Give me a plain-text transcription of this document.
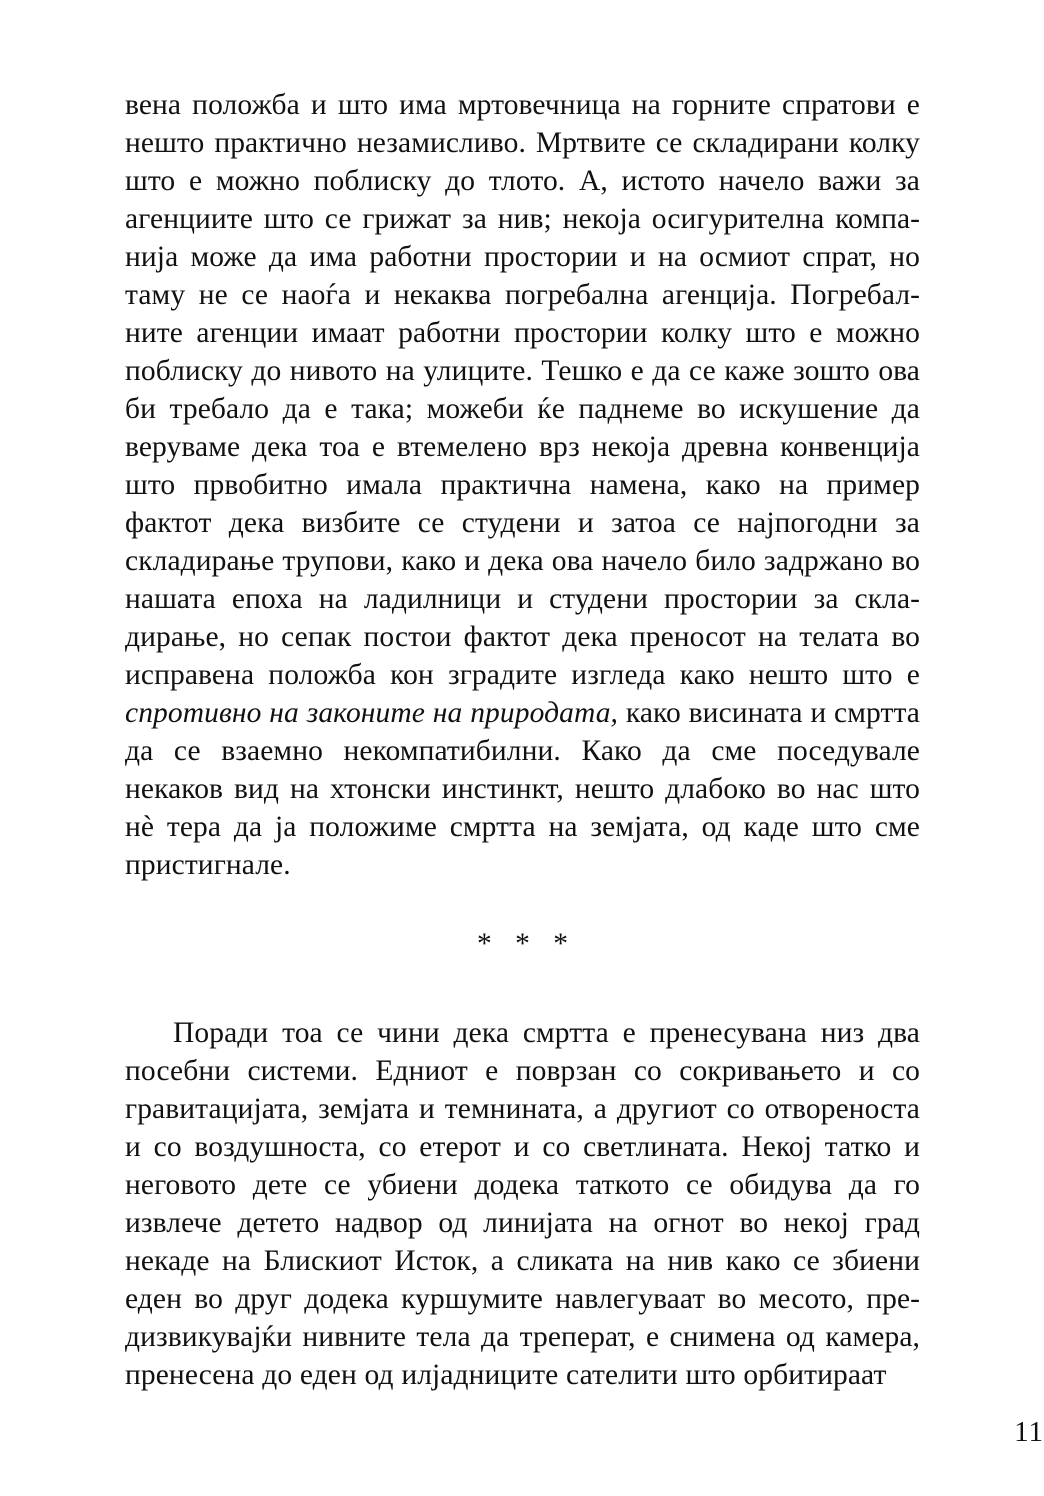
вена положба и што има мртовечница на горните спратови е нешто практично незамисливо. Мртвите се складирани колку што е можно поблиску до тлото. А, истото начело важи за агенциите што се грижат за нив; некоја осигурителна компанија може да има работни простории и на осмиот спрат, но таму не се наоѓа и некаква погребална агенција. Погребалните агенции имаат работни простории колку што е можно поблиску до нивото на улиците. Тешко е да се каже зошто ова би требало да е така; можеби ќе паднеме во искушение да веруваме дека тоа е втемелено врз некоја древна конвенција што првобитно имала практична намена, како на пример фактот дека визбите се студени и затоа се најпогодни за складирање трупови, како и дека ова начело било задржано во нашата епоха на ладилници и студени простории за складирање, но сепак постои фактот дека преносот на телата во исправена положба кон зградите изгледа како нешто што е спротивно на законите на природата, како висината и смртта да се взаемно некомпатибилни. Како да сме поседувале некаков вид на хтонски инстинкт, нешто длабоко во нас што нѐ тера да ја положиме смртта на земјата, од каде што сме пристигнале.

* * *

Поради тоа се чини дека смртта е пренесувана низ два посебни системи. Едниот е поврзан со сокривањето и со гравитацијата, земјата и темнината, а другиот со отвореноста и со воздушноста, со етерот и со светлината. Некој татко и неговото дете се убиени додека таткото се обидува да го извлече детето надвор од линијата на огнот во некој град некаде на Блискиот Исток, а сликата на нив како се збиени еден во друг додека куршумите навлегуваат во месото, предизвикувајќи нивните тела да треперат, е снимена од камера, пренесена до еден од илјадниците сателити што орбитираат

11
